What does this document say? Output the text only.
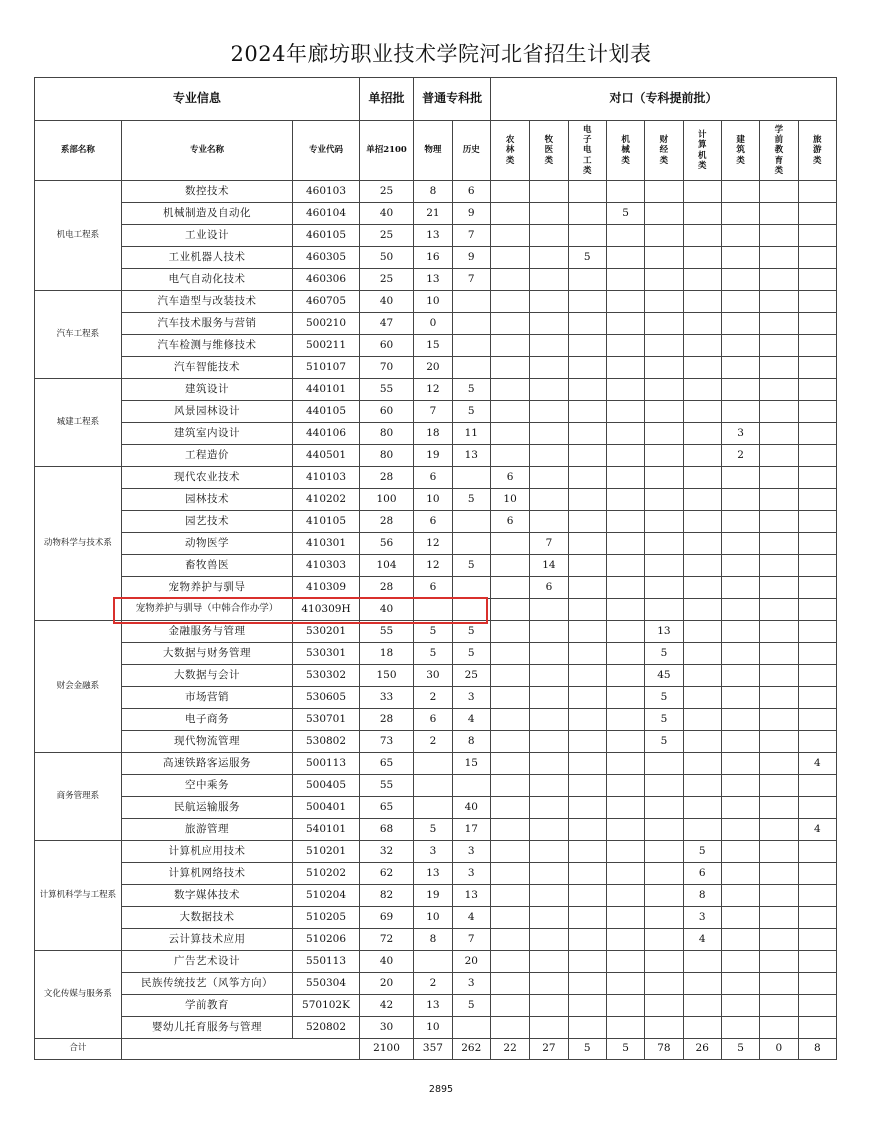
2024年廊坊职业技术学院河北省招生计划表
专业信息			单招批	普通专科批		对口（专科提前批）								
系部名称	专业名称	专业代码	单招2100	物理	历史	农林类	牧医类	电子电工类	机械类	财经类	计算机类	建筑类	学前教育类	旅游类

机电工程系	数控技术	460103	25	8	6									
	机械制造及自动化	460104	40	21	9				5					
	工业设计	460105	25	13	7									
	工业机器人技术	460305	50	16	9			5						
	电气自动化技术	460306	25	13	7									
汽车工程系	汽车造型与改装技术	460705	40	10										
	汽车技术服务与营销	500210	47	0										
	汽车检测与维修技术	500211	60	15										
	汽车智能技术	510107	70	20										
城建工程系	建筑设计	440101	55	12	5									
	风景园林设计	440105	60	7	5									
	建筑室内设计	440106	80	18	11							3		
	工程造价	440501	80	19	13							2		
动物科学与技术系	现代农业技术	410103	28	6		6								
	园林技术	410202	100	10	5	10								
	园艺技术	410105	28	6		6								
	动物医学	410301	56	12			7							
	畜牧兽医	410303	104	12	5		14							
	宠物养护与驯导	410309	28	6			6							
	宠物养护与驯导（中韩合作办学）	410309H	40											
财会金融系	金融服务与管理	530201	55	5	5					13				
	大数据与财务管理	530301	18	5	5					5				
	大数据与会计	530302	150	30	25					45				
	市场营销	530605	33	2	3					5				
	电子商务	530701	28	6	4					5				
	现代物流管理	530802	73	2	8					5				
商务管理系	高速铁路客运服务	500113	65		15									4
	空中乘务	500405	55											
	民航运输服务	500401	65		40									
	旅游管理	540101	68	5	17									4
计算机科学与工程系	计算机应用技术	510201	32	3	3						5			
	计算机网络技术	510202	62	13	3						6			
	数字媒体技术	510204	82	19	13						8			
	大数据技术	510205	69	10	4						3			
	云计算技术应用	510206	72	8	7						4			
文化传媒与服务系	广告艺术设计	550113	40		20									
	民族传统技艺（风筝方向）	550304	20	2	3									
	学前教育	570102K	42	13	5									
	婴幼儿托育服务与管理	520802	30	10										
合计			2100	357	262	22	27	5	5	78	26	5	0	8
2895
